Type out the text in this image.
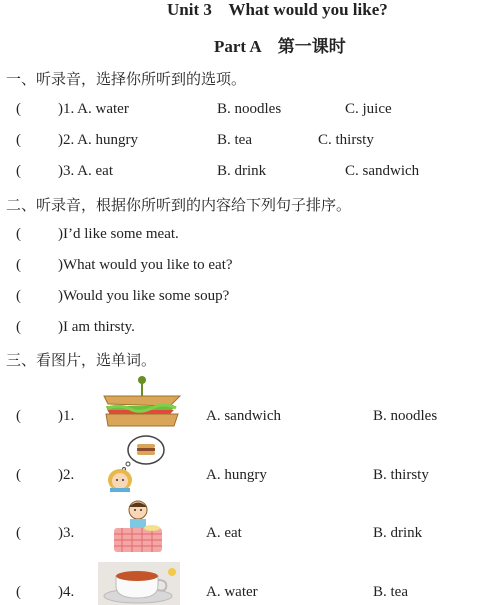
Unit 3    What would you like?
Part A    第一课时
一、听录音，选择你所听到的选项。
( )1. A. water	B. noodles	C. juice
( )2. A. hungry	B. tea	C. thirsty
( )3. A. eat	B. drink	C. sandwich
二、听录音，根据你所听到的内容给下列句子排序。
( )I’d like some meat.
( )What would you like to eat?
( )Would you like some soup?
( )I am thirsty.
三、看图片，选单词。
( )1.	A. sandwich	B. noodles
( )2.	A. hungry	B. thirsty
( )3.	A. eat	B. drink
( )4.	A. water	B. tea
